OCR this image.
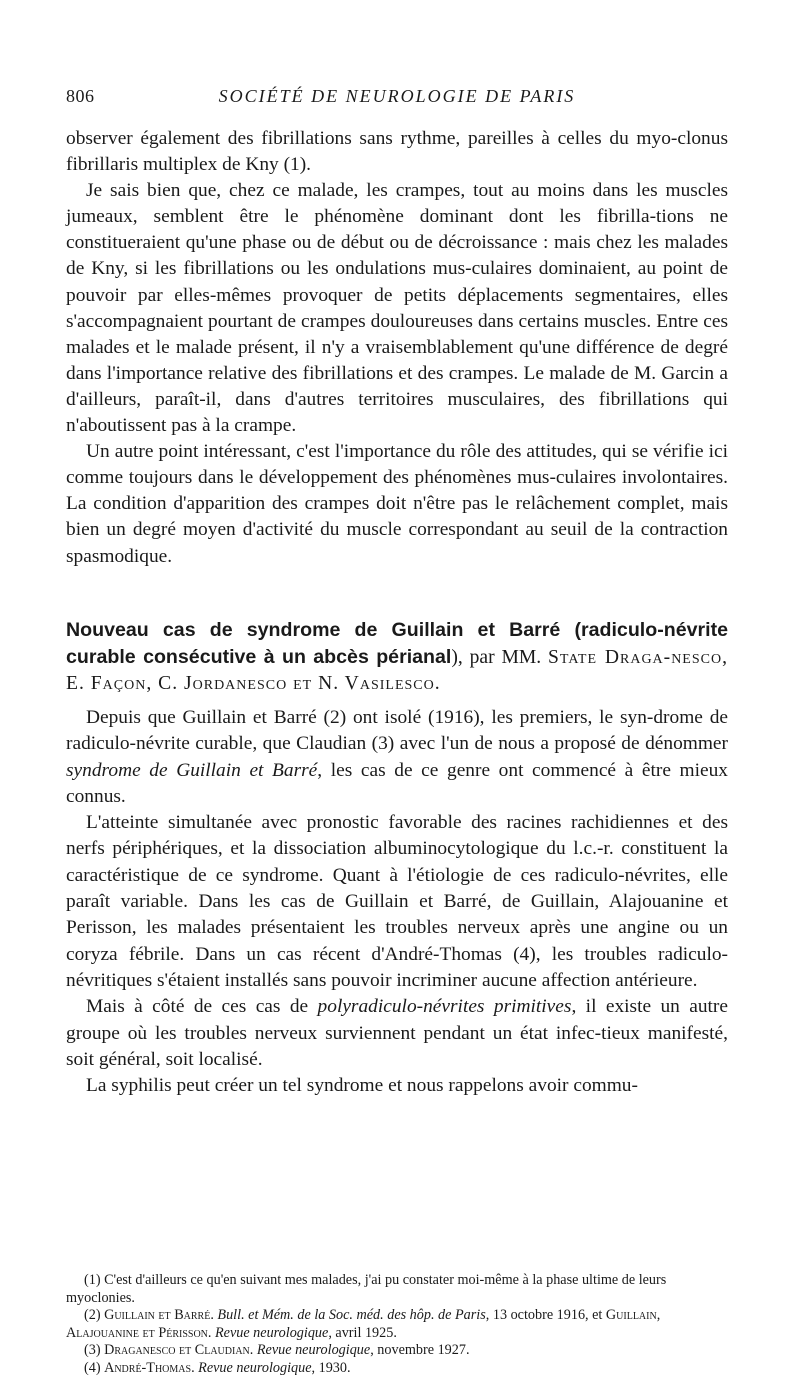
806	SOCIÉTÉ DE NEUROLOGIE DE PARIS

observer également des fibrillations sans rythme, pareilles à celles du myo-clonus fibrillaris multiplex de Kny (1).

Je sais bien que, chez ce malade, les crampes, tout au moins dans les muscles jumeaux, semblent être le phénomène dominant dont les fibrilla-tions ne constitueraient qu'une phase ou de début ou de décroissance : mais chez les malades de Kny, si les fibrillations ou les ondulations mus-culaires dominaient, au point de pouvoir par elles-mêmes provoquer de petits déplacements segmentaires, elles s'accompagnaient pourtant de crampes douloureuses dans certains muscles. Entre ces malades et le malade présent, il n'y a vraisemblablement qu'une différence de degré dans l'importance relative des fibrillations et des crampes. Le malade de M. Garcin a d'ailleurs, paraît-il, dans d'autres territoires musculaires, des fibrillations qui n'aboutissent pas à la crampe.

Un autre point intéressant, c'est l'importance du rôle des attitudes, qui se vérifie ici comme toujours dans le développement des phénomènes mus-culaires involontaires. La condition d'apparition des crampes doit n'être pas le relâchement complet, mais bien un degré moyen d'activité du muscle correspondant au seuil de la contraction spasmodique.

Nouveau cas de syndrome de Guillain et Barré (radiculo-névrite curable consécutive à un abcès périanal), par MM. State Draga-nesco, E. Façon, C. Jordanesco et N. Vasilesco.

Depuis que Guillain et Barré (2) ont isolé (1916), les premiers, le syn-drome de radiculo-névrite curable, que Claudian (3) avec l'un de nous a proposé de dénommer syndrome de Guillain et Barré, les cas de ce genre ont commencé à être mieux connus.

L'atteinte simultanée avec pronostic favorable des racines rachidiennes et des nerfs périphériques, et la dissociation albuminocytologique du l.c.-r. constituent la caractéristique de ce syndrome. Quant à l'étiologie de ces radiculo-névrites, elle paraît variable. Dans les cas de Guillain et Barré, de Guillain, Alajouanine et Perisson, les malades présentaient les troubles nerveux après une angine ou un coryza fébrile. Dans un cas récent d'André-Thomas (4), les troubles radiculo-névritiques s'étaient installés sans pouvoir incriminer aucune affection antérieure.

Mais à côté de ces cas de polyradiculo-névrites primitives, il existe un autre groupe où les troubles nerveux surviennent pendant un état infec-tieux manifesté, soit général, soit localisé.

La syphilis peut créer un tel syndrome et nous rappelons avoir commu-

(1) C'est d'ailleurs ce qu'en suivant mes malades, j'ai pu constater moi-même à la phase ultime de leurs myoclonies.

(2) Guillain et Barré. Bull. et Mém. de la Soc. méd. des hôp. de Paris, 13 octobre 1916, et Guillain, Alajouanine et Périsson. Revue neurologique, avril 1925.

(3) Draganesco et Claudian. Revue neurologique, novembre 1927.

(4) André-Thomas. Revue neurologique, 1930.
